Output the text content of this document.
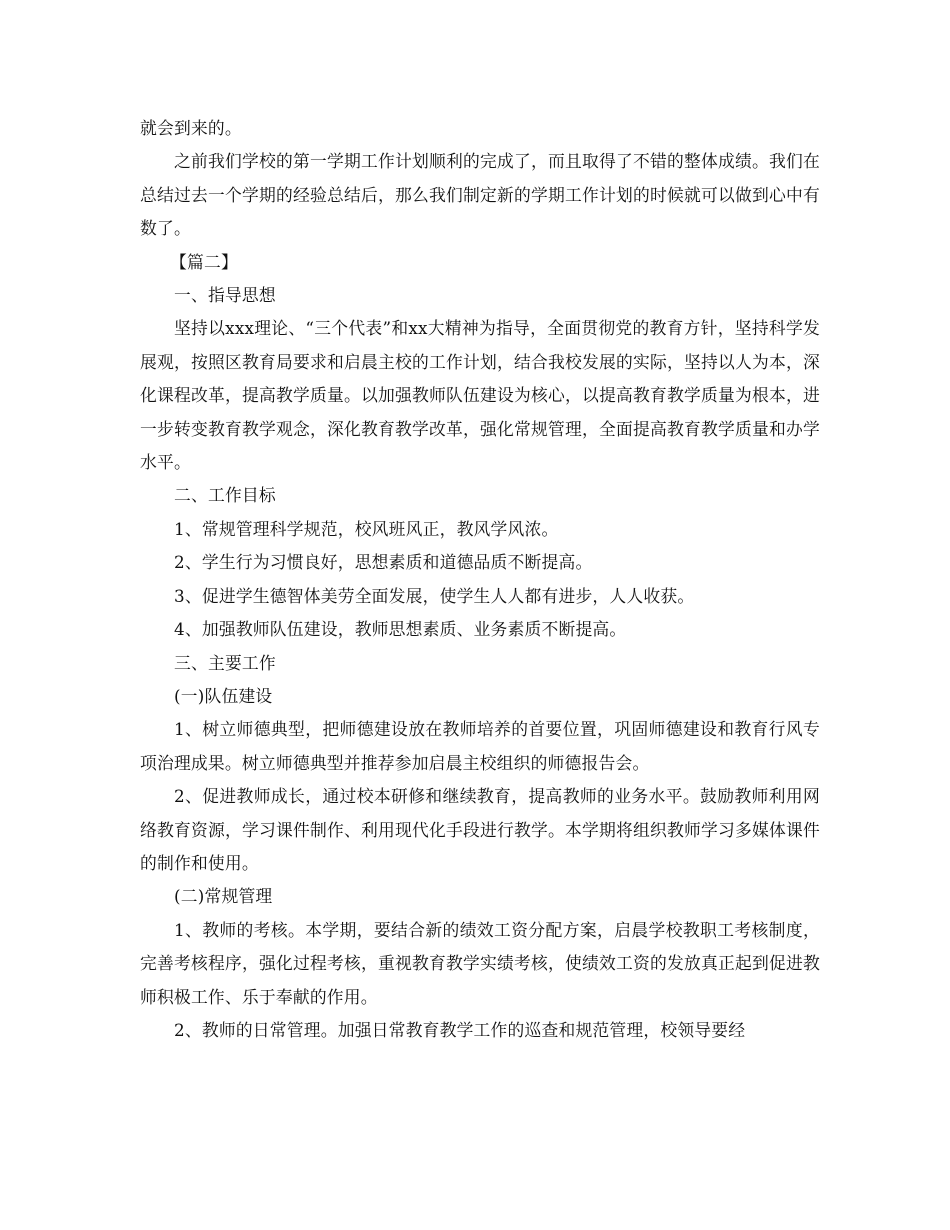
就会到来的。

之前我们学校的第一学期工作计划顺利的完成了，而且取得了不错的整体成绩。我们在总结过去一个学期的经验总结后，那么我们制定新的学期工作计划的时候就可以做到心中有数了。

【篇二】

一、指导思想

坚持以xxx理论、“三个代表”和xx大精神为指导，全面贯彻党的教育方针，坚持科学发展观，按照区教育局要求和启晨主校的工作计划，结合我校发展的实际，坚持以人为本，深化课程改革，提高教学质量。以加强教师队伍建设为核心，以提高教育教学质量为根本，进一步转变教育教学观念，深化教育教学改革，强化常规管理，全面提高教育教学质量和办学水平。

二、工作目标

1、常规管理科学规范，校风班风正，教风学风浓。

2、学生行为习惯良好，思想素质和道德品质不断提高。

3、促进学生德智体美劳全面发展，使学生人人都有进步，人人收获。

4、加强教师队伍建设，教师思想素质、业务素质不断提高。

三、主要工作

(一)队伍建设

1、树立师德典型，把师德建设放在教师培养的首要位置，巩固师德建设和教育行风专项治理成果。树立师德典型并推荐参加启晨主校组织的师德报告会。

2、促进教师成长，通过校本研修和继续教育，提高教师的业务水平。鼓励教师利用网络教育资源，学习课件制作、利用现代化手段进行教学。本学期将组织教师学习多媒体课件的制作和使用。

(二)常规管理

1、教师的考核。本学期，要结合新的绩效工资分配方案，启晨学校教职工考核制度，完善考核程序，强化过程考核，重视教育教学实绩考核，使绩效工资的发放真正起到促进教师积极工作、乐于奉献的作用。

2、教师的日常管理。加强日常教育教学工作的巡查和规范管理，校领导要经
